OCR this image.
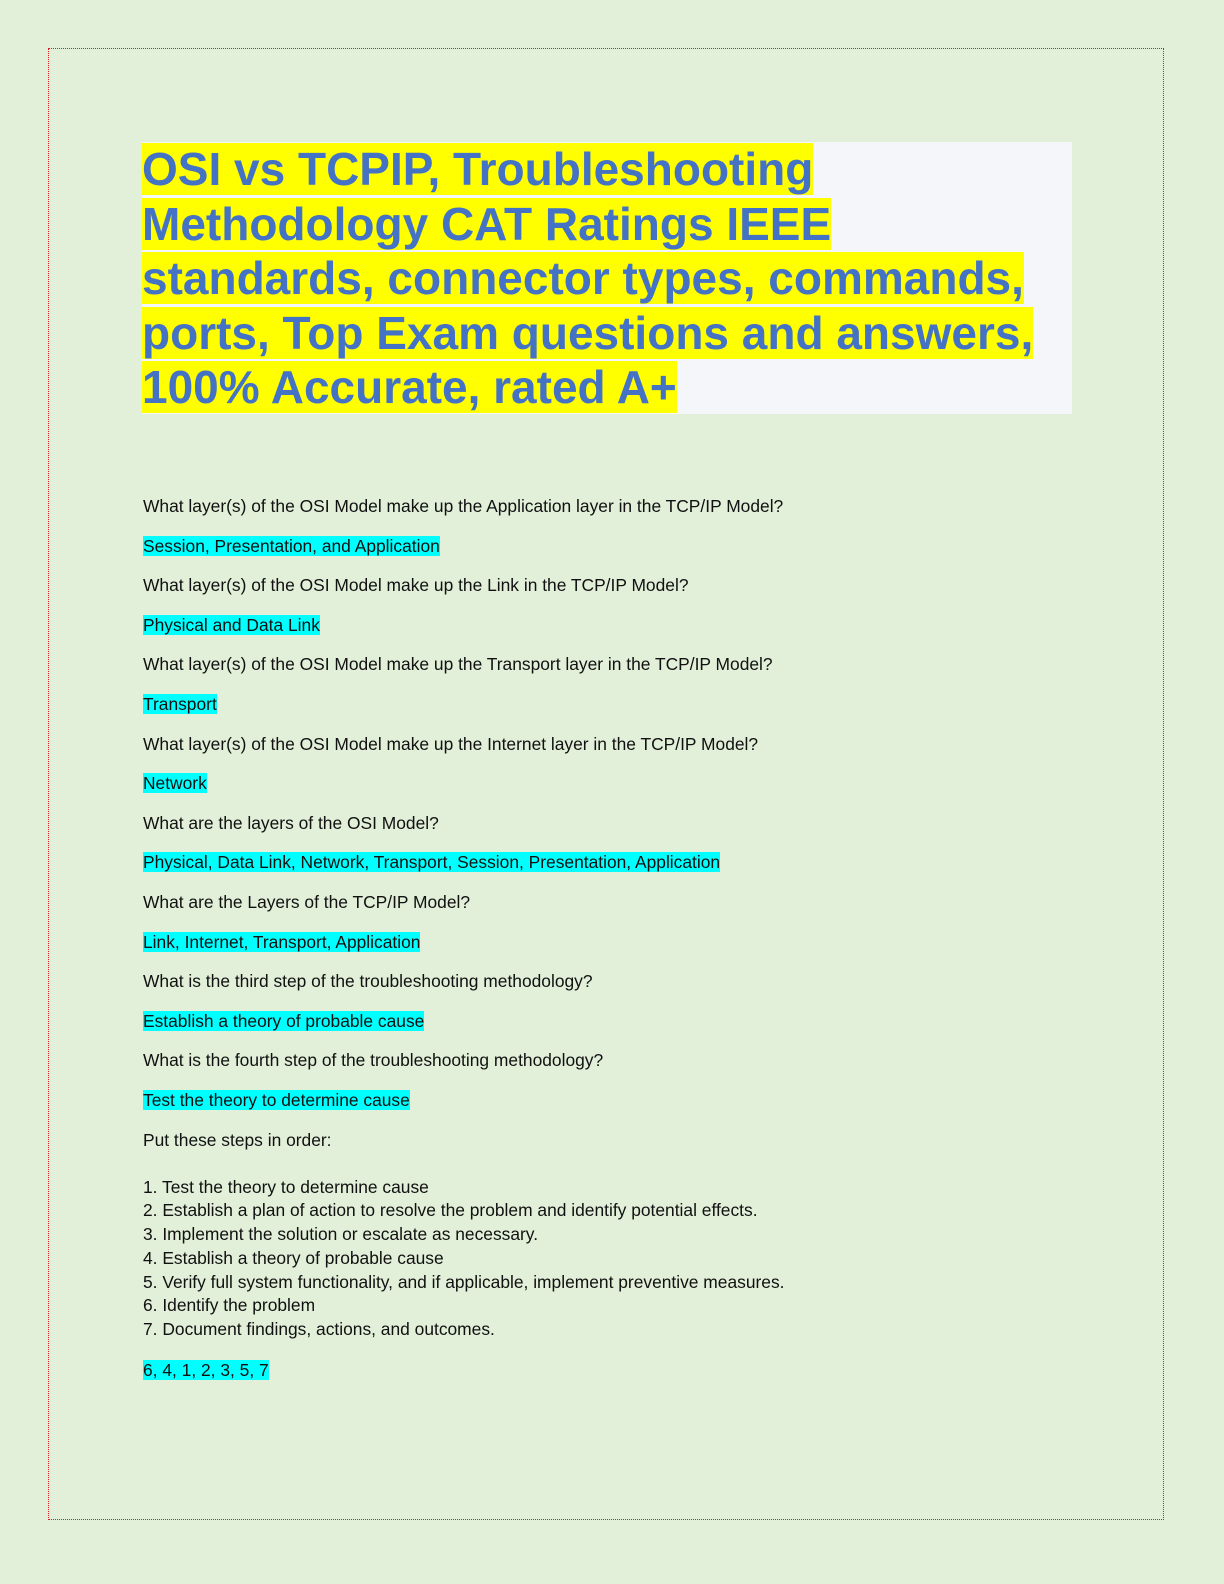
OSI vs TCPIP, Troubleshooting
Methodology CAT Ratings IEEE
standards, connector types, commands,
ports, Top Exam questions and answers,
100% Accurate, rated A+
What layer(s) of the OSI Model make up the Application layer in the TCP/IP Model?
Session, Presentation, and Application
What layer(s) of the OSI Model make up the Link in the TCP/IP Model?
Physical and Data Link
What layer(s) of the OSI Model make up the Transport layer in the TCP/IP Model?
Transport
What layer(s) of the OSI Model make up the Internet layer in the TCP/IP Model?
Network
What are the layers of the OSI Model?
Physical, Data Link, Network, Transport, Session, Presentation, Application
What are the Layers of the TCP/IP Model?
Link, Internet, Transport, Application
What is the third step of the troubleshooting methodology?
Establish a theory of probable cause
What is the fourth step of the troubleshooting methodology?
Test the theory to determine cause
Put these steps in order:
1. Test the theory to determine cause
2. Establish a plan of action to resolve the problem and identify potential effects.
3. Implement the solution or escalate as necessary.
4. Establish a theory of probable cause
5. Verify full system functionality, and if applicable, implement preventive measures.
6. Identify the problem
7. Document findings, actions, and outcomes.
6, 4, 1, 2, 3, 5, 7
